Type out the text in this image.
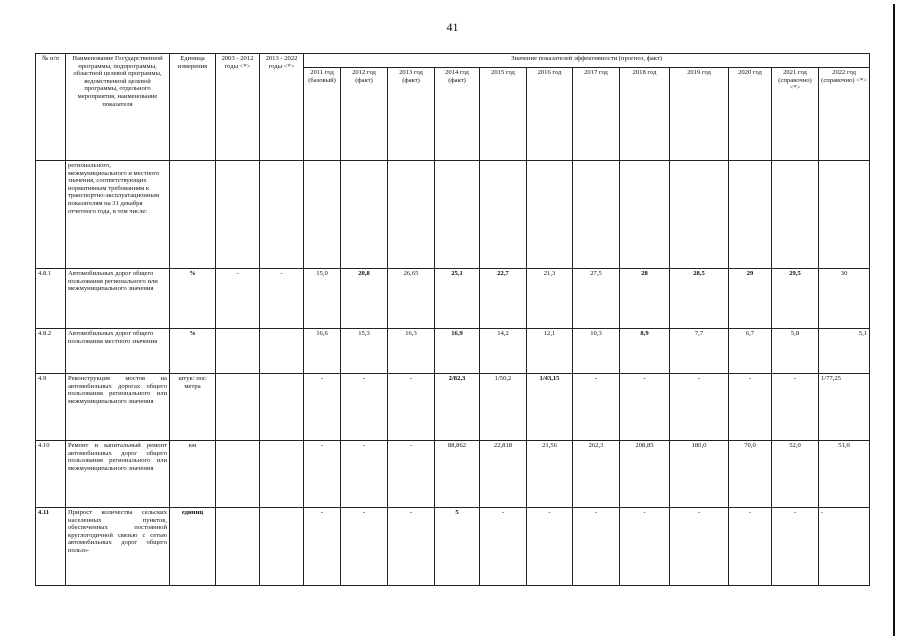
41
№ п/п	Наименование Государственной программы, подпрограммы, областной целевой программы, ведомственной целевой программы, отдельного мероприятия, наименование показателя	Единица измерения	2003 - 2012 годы <*>	2013 - 2022 годы <*>	Значение показателей эффективности (прогноз, факт)											
					2011 год (базовый)	2012 год (факт)	2013 год (факт)	2014 год (факт)	2015 год	2016 год	2017 год	2018 год	2019 год	2020 год	2021 год (справочно) <*>	2022 год (справочно) <*>
	регионального, межмуниципального и местного значения, соответствующих нормативным требованиям к транспортно-эксплуатационным показателям на 31 декабря отчетного года, в том числе:															
4.8.1	Автомобильных дорог общего пользования регионального или межмуниципального значения	%	-	-	15,0	20,8	26,65	25,1	22,7	21,3	27,5	28	28,5	29	29,5	30
4.8.2	Автомобильных дорог общего пользования местного значения	%			16,6	15,3	16,3	16,9	14,2	12,1	10,3	8,9	7,7	6,7	5,8	5,1
4.9	Реконструкция мостов на автомобильных дорогах общего пользования регионального или межмуниципального значения	штук/ пог. метра			-	-	-	2/82,3	1/50,2	1/43,15	-	-	-	-	-	1/77,25
4.10	Ремонт и капитальный ремонт автомобильных дорог общего пользования регионального или межмуниципального значения	км			-	-	-	88,862	22,818	21,56	262,3	208,85	180,0	70,0	52,0	51,0
4.11	Прирост количества сельских населенных пунктов, обеспеченных постоянной круглогодичной связью с сетью автомобильных дорог общего пользо-	единиц			-	-	-	5	-	-	-	-	-	-	-	-
